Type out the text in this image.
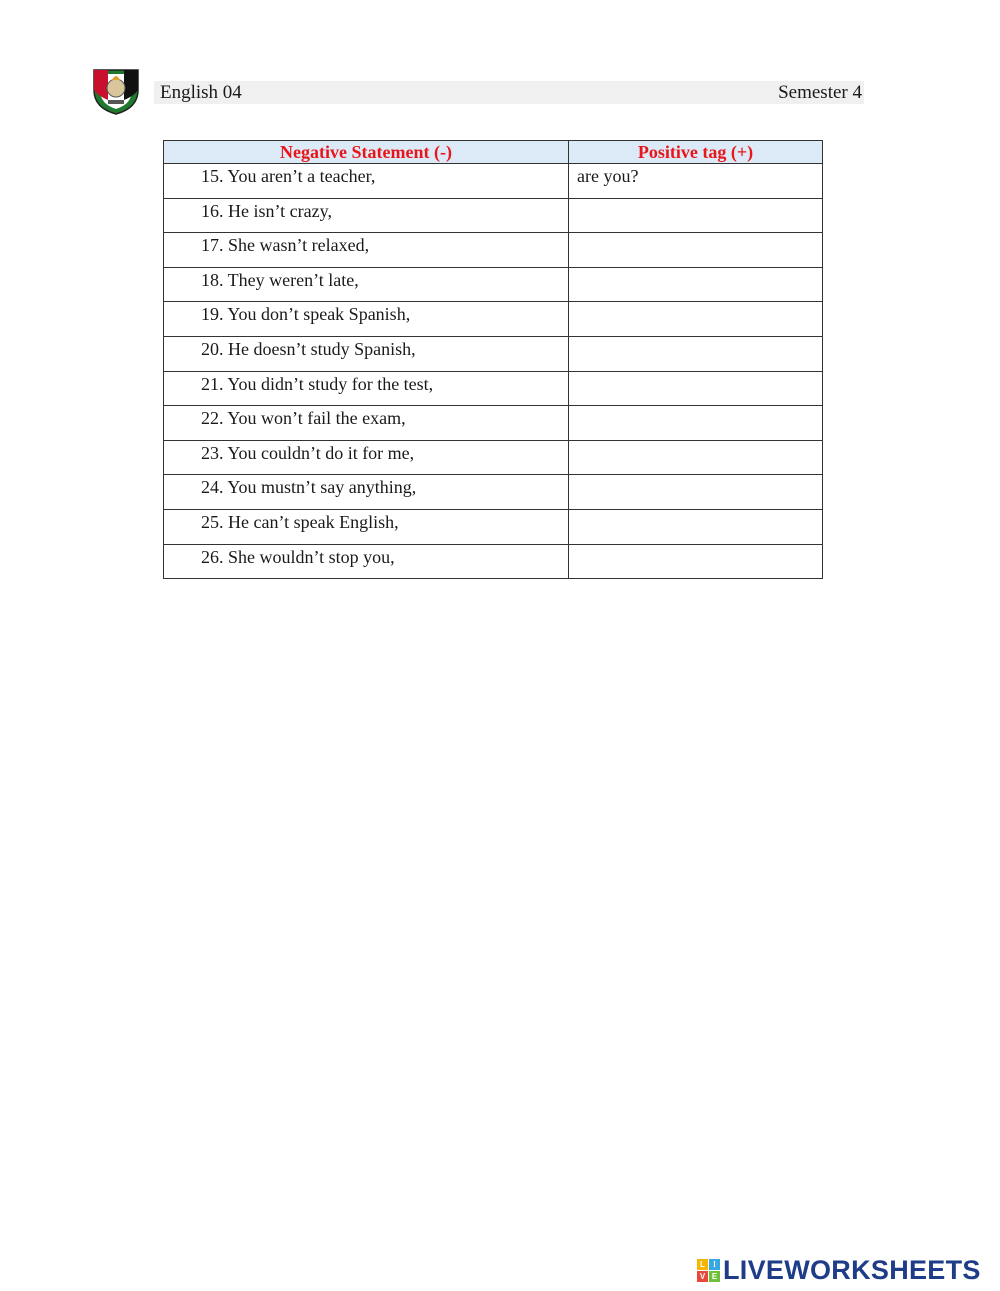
English 04	Semester 4
Negative Statement (-)	Positive tag (+)

15. You aren’t a teacher,	are you?

16. He isn’t crazy,	

17. She wasn’t relaxed,	

18. They weren’t late,	

19. You don’t speak Spanish,	

20. He doesn’t study Spanish,	

21. You didn’t study for the test,	

22. You won’t fail the exam,	

23. You couldn’t do it for me,	

24. You mustn’t say anything,	

25. He can’t speak English,	

26. She wouldn’t stop you,	

L	I
V E LIVEWORKSHEETS
